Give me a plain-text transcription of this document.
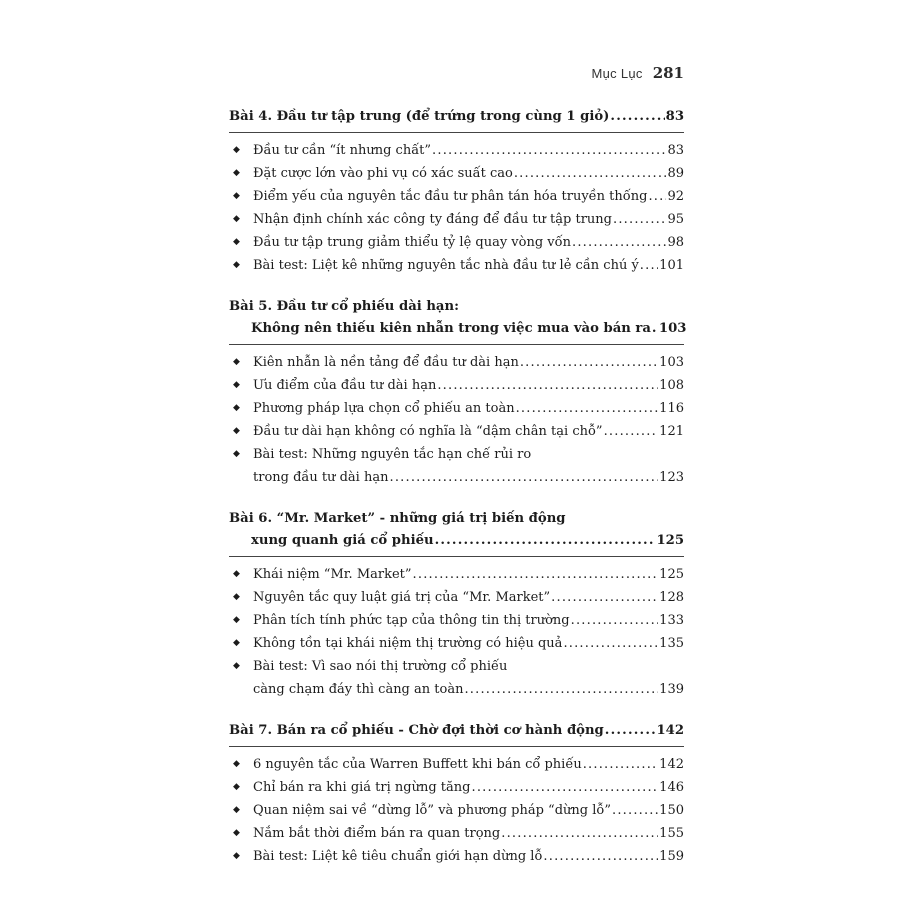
Mục Lục 281
Bài 4. Đầu tư tập trung (để trứng trong cùng 1 giỏ) .....	83
◆	Đầu tư cần “ít nhưng chất” .....	83
◆	Đặt cược lớn vào phi vụ có xác suất cao .....	89
◆	Điểm yếu của nguyên tắc đầu tư phân tán hóa truyền thống ..... 92
◆	Nhận định chính xác công ty đáng để đầu tư tập trung .....	95
◆	Đầu tư tập trung giảm thiểu tỷ lệ quay vòng vốn .....	98
◆	Bài test: Liệt kê những nguyên tắc nhà đầu tư lẻ cần chú ý ..... 101
Bài 5. Đầu tư cổ phiếu dài hạn:
Không nên thiếu kiên nhẫn trong việc mua vào bán ra ..... 103
◆	Kiên nhẫn là nền tảng để đầu tư dài hạn .....	103
◆	Ưu điểm của đầu tư dài hạn .....	108
◆	Phương pháp lựa chọn cổ phiếu an toàn .....	116
◆	Đầu tư dài hạn không có nghĩa là “dậm chân tại chỗ” .....	121
◆	Bài test: Những nguyên tắc hạn chế rủi ro
trong đầu tư dài hạn .....	123
Bài 6. “Mr. Market” - những giá trị biến động
xung quanh giá cổ phiếu .....	125
◆	Khái niệm “Mr. Market” .....	125
◆	Nguyên tắc quy luật giá trị của “Mr. Market” .....	128
◆	Phân tích tính phức tạp của thông tin thị trường .....	133
◆	Không tồn tại khái niệm thị trường có hiệu quả .....	135
◆	Bài test: Vì sao nói thị trường cổ phiếu
càng chạm đáy thì càng an toàn .....	139
Bài 7. Bán ra cổ phiếu - Chờ đợi thời cơ hành động .....	142
◆	6 nguyên tắc của Warren Buffett khi bán cổ phiếu .....	142
◆	Chỉ bán ra khi giá trị ngừng tăng .....	146
◆	Quan niệm sai về “dừng lỗ” và phương pháp “dừng lỗ” .....	150
◆	Nắm bắt thời điểm bán ra quan trọng .....	155
◆	Bài test: Liệt kê tiêu chuẩn giới hạn dừng lỗ .....	159
